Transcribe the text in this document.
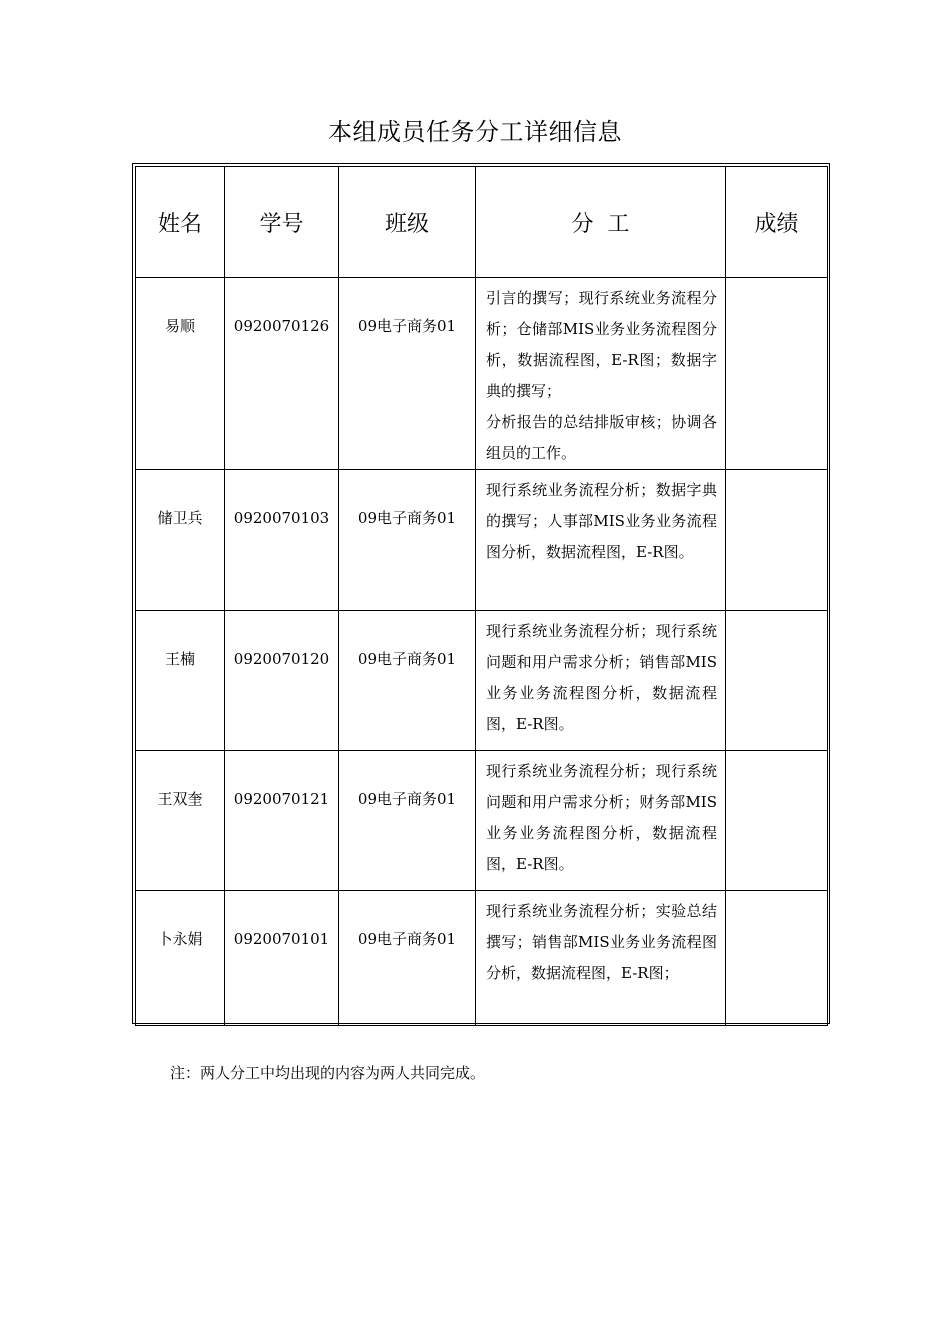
本组成员任务分工详细信息
姓名	学号	班级	分  工	成绩
易顺	0920070126	09电子商务01	引言的撰写；现行系统业务流程分析；仓储部MIS业务业务流程图分析，数据流程图，E-R图；数据字典的撰写；
分析报告的总结排版审核；协调各组员的工作。	

储卫兵	0920070103	09电子商务01	现行系统业务流程分析；数据字典的撰写；人事部MIS业务业务流程图分析，数据流程图，E-R图。	

王楠	0920070120	09电子商务01	现行系统业务流程分析；现行系统问题和用户需求分析；销售部MIS业务业务流程图分析，数据流程图，E-R图。	

王双奎	0920070121	09电子商务01	现行系统业务流程分析；现行系统问题和用户需求分析；财务部MIS业务业务流程图分析，数据流程图，E-R图。	

卜永娟	0920070101	09电子商务01	现行系统业务流程分析；实验总结撰写；销售部MIS业务业务流程图分析，数据流程图，E-R图；	

注：两人分工中均出现的内容为两人共同完成。
